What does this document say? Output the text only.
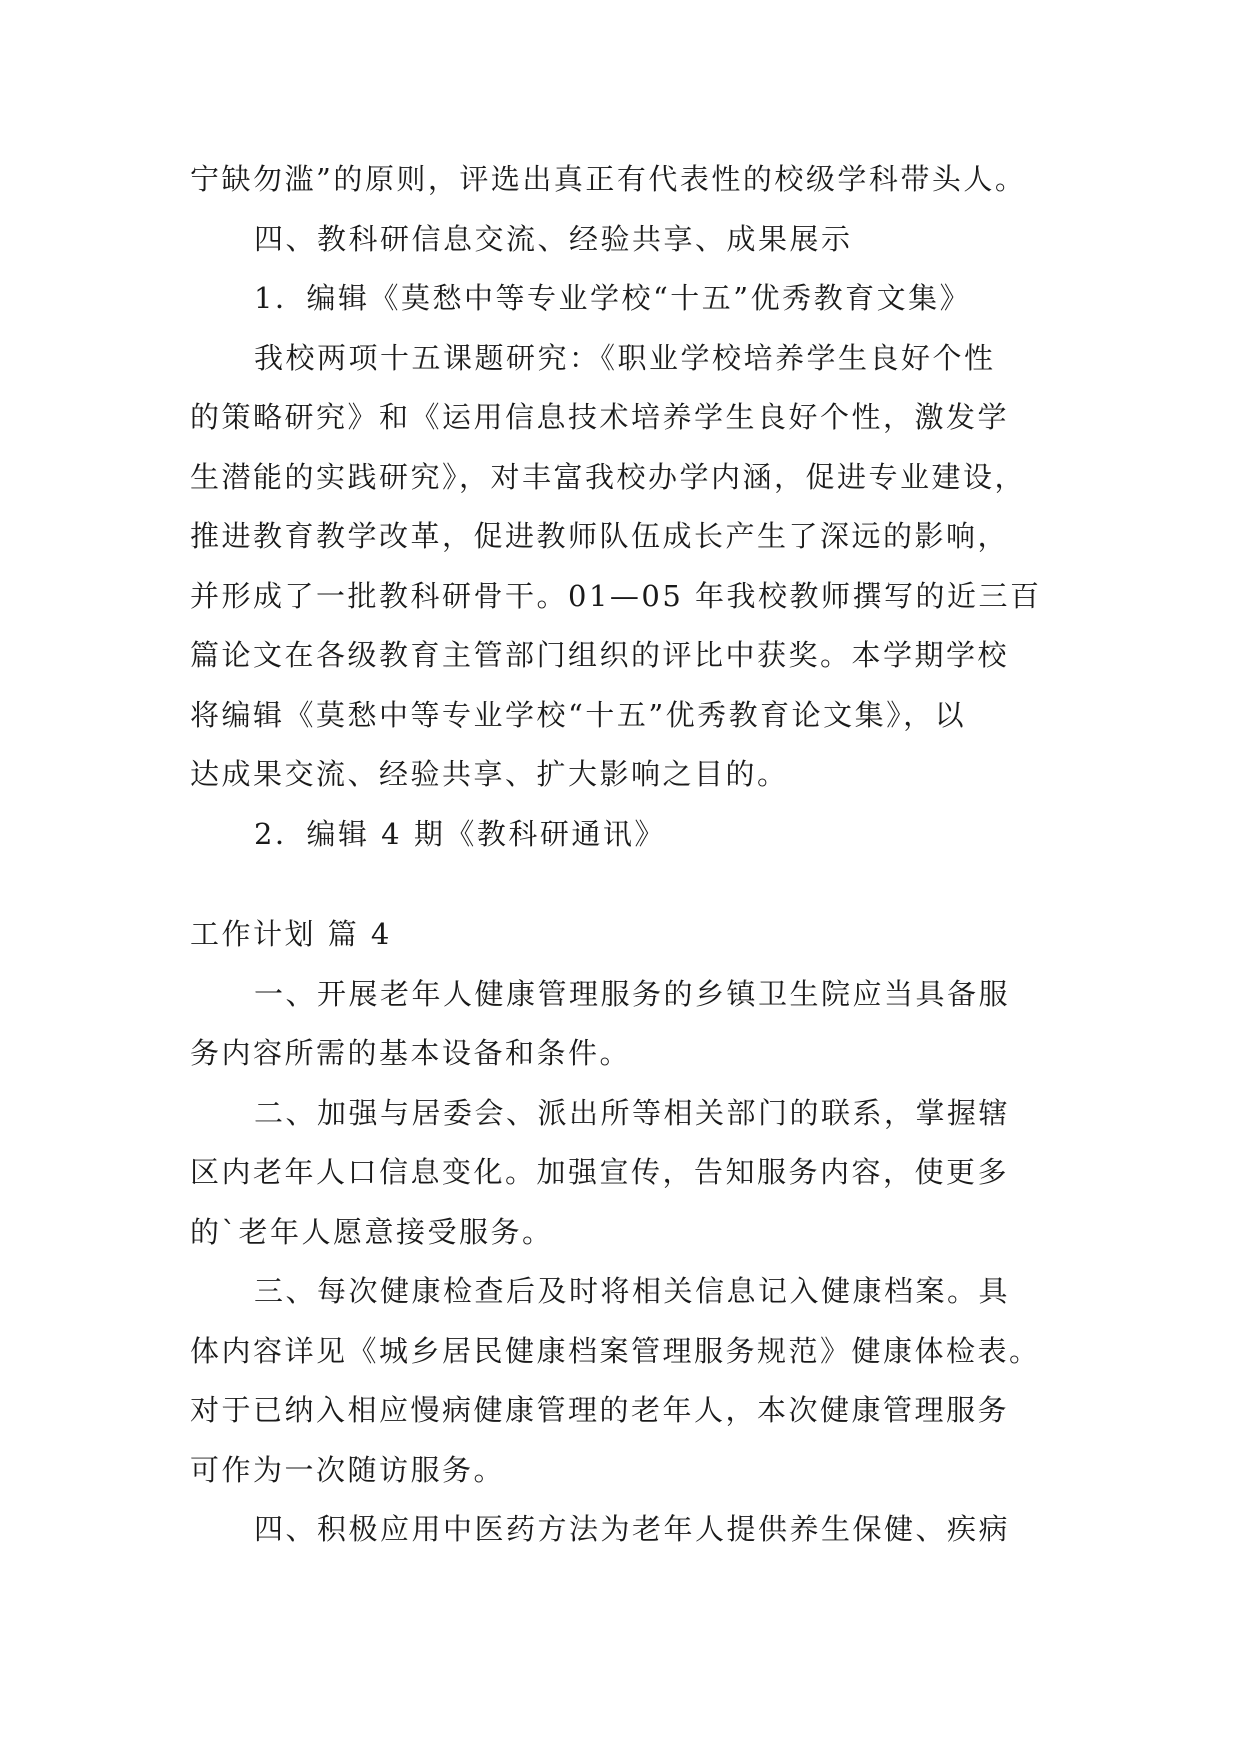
宁缺勿滥”的原则，评选出真正有代表性的校级学科带头人。
四、教科研信息交流、经验共享、成果展示
1．编辑《莫愁中等专业学校“十五”优秀教育文集》
我校两项十五课题研究：《职业学校培养学生良好个性
的策略研究》和《运用信息技术培养学生良好个性，激发学
生潜能的实践研究》，对丰富我校办学内涵，促进专业建设，
推进教育教学改革，促进教师队伍成长产生了深远的影响，
并形成了一批教科研骨干。01—05 年我校教师撰写的近三百
篇论文在各级教育主管部门组织的评比中获奖。本学期学校
将编辑《莫愁中等专业学校“十五”优秀教育论文集》，以
达成果交流、经验共享、扩大影响之目的。
2．编辑 4 期《教科研通讯》
工作计划 篇 4
一、开展老年人健康管理服务的乡镇卫生院应当具备服
务内容所需的基本设备和条件。
二、加强与居委会、派出所等相关部门的联系，掌握辖
区内老年人口信息变化。加强宣传，告知服务内容，使更多
的`老年人愿意接受服务。
三、每次健康检查后及时将相关信息记入健康档案。具
体内容详见《城乡居民健康档案管理服务规范》健康体检表。
对于已纳入相应慢病健康管理的老年人，本次健康管理服务
可作为一次随访服务。
四、积极应用中医药方法为老年人提供养生保健、疾病
